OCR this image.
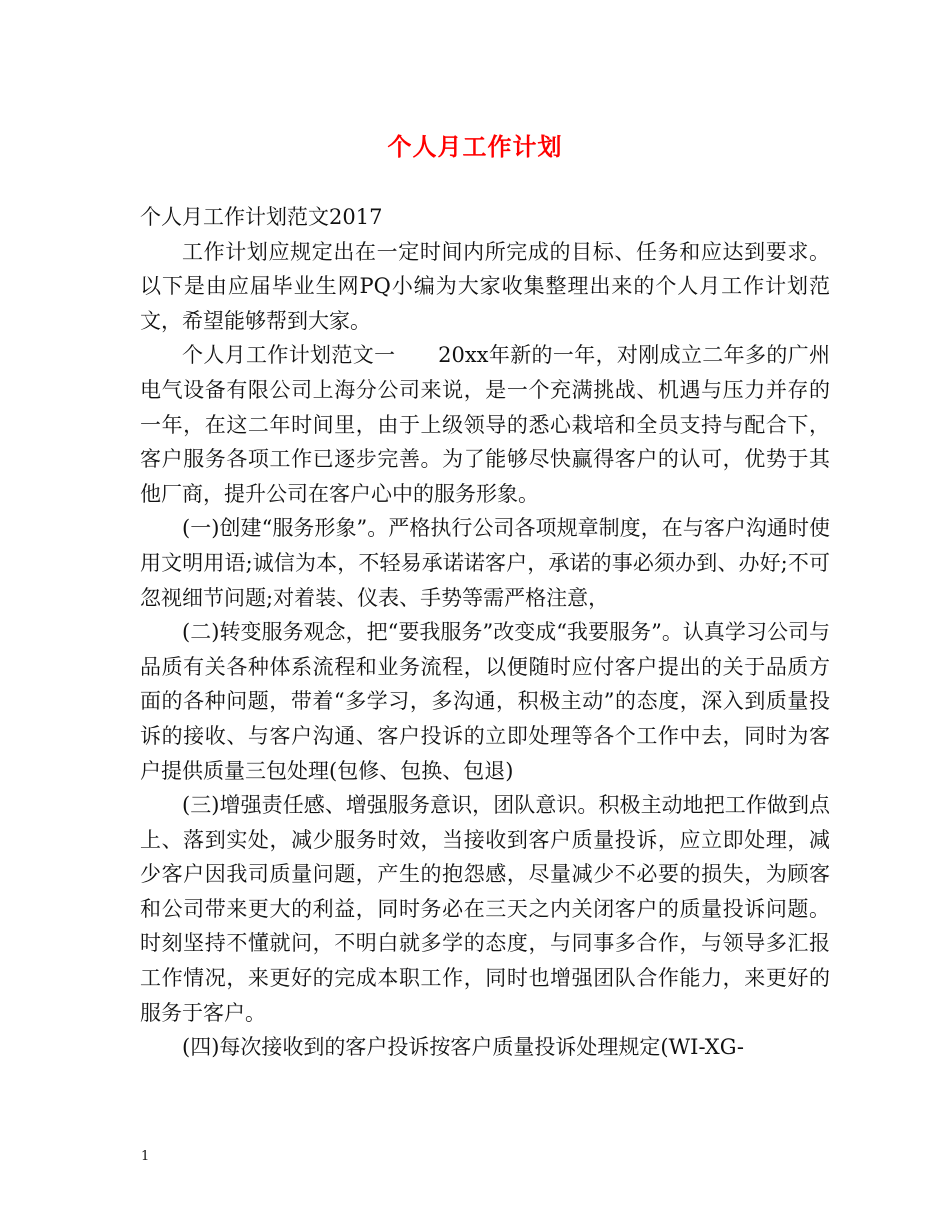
个人月工作计划

个人月工作计划范文2017

工作计划应规定出在一定时间内所完成的目标、任务和应达到要求。以下是由应届毕业生网PQ小编为大家收集整理出来的个人月工作计划范文，希望能够帮到大家。

个人月工作计划范文一　　20xx年新的一年，对刚成立二年多的广州电气设备有限公司上海分公司来说，是一个充满挑战、机遇与压力并存的一年，在这二年时间里，由于上级领导的悉心栽培和全员支持与配合下，客户服务各项工作已逐步完善。为了能够尽快赢得客户的认可，优势于其他厂商，提升公司在客户心中的服务形象。

(一)创建“服务形象”。严格执行公司各项规章制度，在与客户沟通时使用文明用语;诚信为本，不轻易承诺诺客户，承诺的事必须办到、办好;不可忽视细节问题;对着装、仪表、手势等需严格注意，

(二)转变服务观念，把“要我服务”改变成“我要服务”。认真学习公司与品质有关各种体系流程和业务流程，以便随时应付客户提出的关于品质方面的各种问题，带着“多学习，多沟通，积极主动”的态度，深入到质量投诉的接收、与客户沟通、客户投诉的立即处理等各个工作中去，同时为客户提供质量三包处理(包修、包换、包退)

(三)增强责任感、增强服务意识，团队意识。积极主动地把工作做到点上、落到实处，减少服务时效，当接收到客户质量投诉，应立即处理，减少客户因我司质量问题，产生的抱怨感，尽量减少不必要的损失，为顾客和公司带来更大的利益，同时务必在三天之内关闭客户的质量投诉问题。时刻坚持不懂就问，不明白就多学的态度，与同事多合作，与领导多汇报工作情况，来更好的完成本职工作，同时也增强团队合作能力，来更好的服务于客户。

(四)每次接收到的客户投诉按客户质量投诉处理规定(WI-XG-

1
